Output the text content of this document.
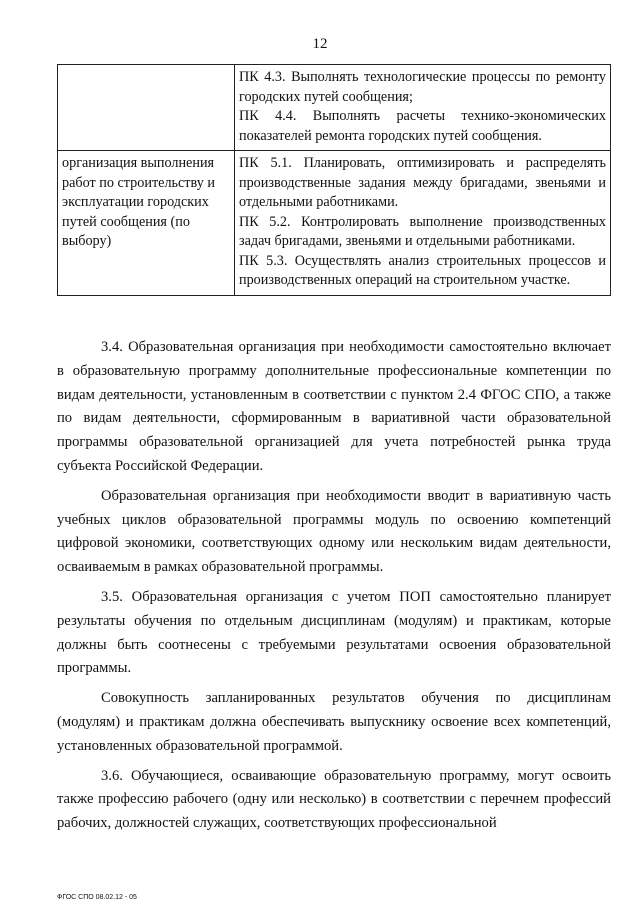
12

	ПК 4.3. Выполнять технологические процессы по ремонту городских путей сообщения;
ПК 4.4. Выполнять расчеты технико-экономических показателей ремонта городских путей сообщения.

организация выполнения работ по строительству и эксплуатации городских путей сообщения (по выбору)	ПК 5.1. Планировать, оптимизировать и распределять производственные задания между бригадами, звеньями и отдельными работниками.
ПК 5.2. Контролировать выполнение производственных задач бригадами, звеньями и отдельными работниками.
ПК 5.3. Осуществлять анализ строительных процессов и производственных операций на строительном участке.

3.4. Образовательная организация при необходимости самостоятельно включает в образовательную программу дополнительные профессиональные компетенции по видам деятельности, установленным в соответствии с пунктом 2.4 ФГОС СПО, а также по видам деятельности, сформированным в вариативной части образовательной программы образовательной организацией для учета потребностей рынка труда субъекта Российской Федерации.

Образовательная организация при необходимости вводит в вариативную часть учебных циклов образовательной программы модуль по освоению компетенций цифровой экономики, соответствующих одному или нескольким видам деятельности, осваиваемым в рамках образовательной программы.

3.5. Образовательная организация с учетом ПОП самостоятельно планирует результаты обучения по отдельным дисциплинам (модулям) и практикам, которые должны быть соотнесены с требуемыми результатами освоения образовательной программы.

Совокупность запланированных результатов обучения по дисциплинам (модулям) и практикам должна обеспечивать выпускнику освоение всех компетенций, установленных образовательной программой.

3.6. Обучающиеся, осваивающие образовательную программу, могут освоить также профессию рабочего (одну или несколько) в соответствии с перечнем профессий рабочих, должностей служащих, соответствующих профессиональной

ФГОС СПО 08.02.12 - 05
